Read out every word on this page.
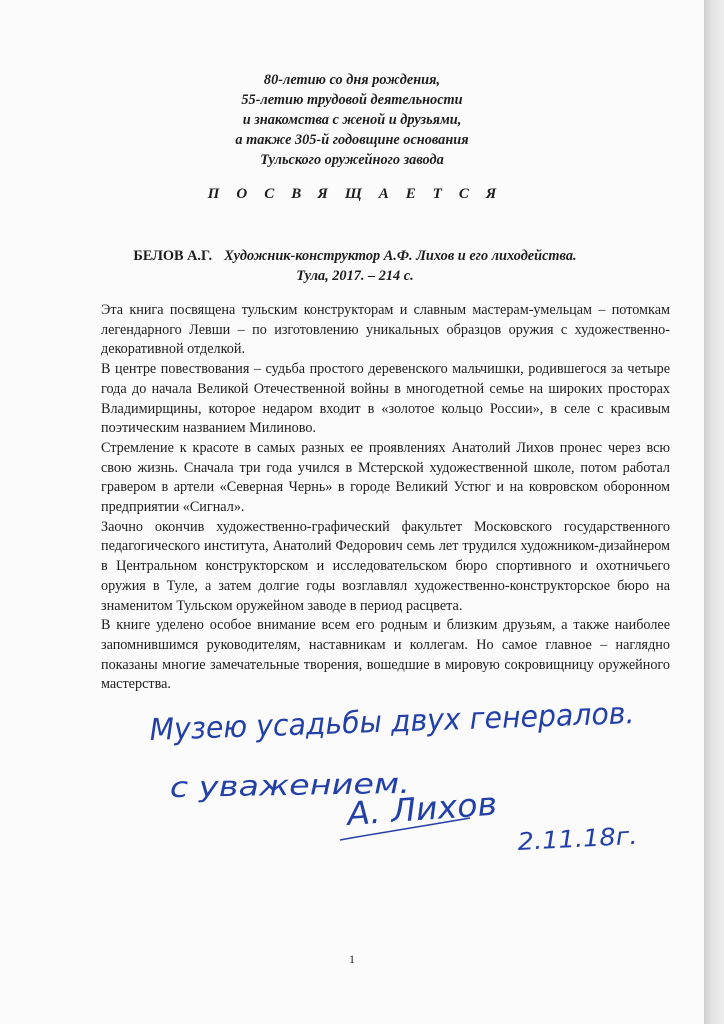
80-летию со дня рождения,
55-летию трудовой деятельности
и знакомства с женой и друзьями,
а также 305-й годовщине основания
Тульского оружейного завода
ПОСВЯЩАЕТСЯ
БЕЛОВ А.Г. Художник-конструктор А.Ф. Лихов и его лиходейства.
Тула, 2017. – 214 с.

Эта книга посвящена тульским конструкторам и славным мастерам-умельцам – потомкам легендарного Левши – по изготовлению уникальных образцов оружия с художественно-декоративной отделкой.

В центре повествования – судьба простого деревенского мальчишки, родившегося за четыре года до начала Великой Отечественной войны в многодетной семье на широких просторах Владимирщины, которое недаром входит в «золотое кольцо России», в селе с красивым поэтическим названием Милиново.

Стремление к красоте в самых разных ее проявлениях Анатолий Лихов пронес через всю свою жизнь. Сначала три года учился в Мстерской художественной школе, потом работал гравером в артели «Северная Чернь» в городе Великий Устюг и на ковровском оборонном предприятии «Сигнал».

Заочно окончив художественно-графический факультет Московского государственного педагогического института, Анатолий Федорович семь лет трудился художником-дизайнером в Центральном конструкторском и исследовательском бюро спортивного и охотничьего оружия в Туле, а затем долгие годы возглавлял художественно-конструкторское бюро на знаменитом Тульском оружейном заводе в период расцвета.

В книге уделено особое внимание всем его родным и близким друзьям, а также наиболее запомнившимся руководителям, наставникам и коллегам. Но самое главное – наглядно показаны многие замечательные творения, вошедшие в мировую сокровищницу оружейного мастерства.

Музею усадьбы двух генералов.
с уважением.
А. Лихов
2.11.18г.
1
